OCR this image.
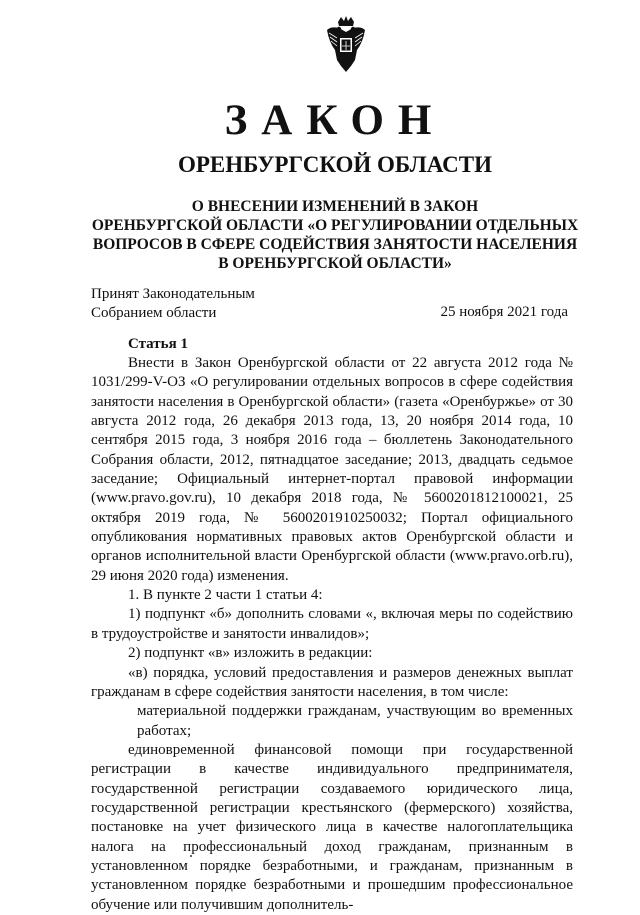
ЗАКОН
ОРЕНБУРГСКОЙ ОБЛАСТИ
О ВНЕСЕНИИ ИЗМЕНЕНИЙ В ЗАКОН
ОРЕНБУРГСКОЙ ОБЛАСТИ «О РЕГУЛИРОВАНИИ ОТДЕЛЬНЫХ
ВОПРОСОВ В СФЕРЕ СОДЕЙСТВИЯ ЗАНЯТОСТИ НАСЕЛЕНИЯ
В ОРЕНБУРГСКОЙ ОБЛАСТИ»
Принят Законодательным
Собранием области	25 ноября 2021 года
Статья 1

Внести в Закон Оренбургской области от 22 августа 2012 года № 1031/299-V-ОЗ «О регулировании отдельных вопросов в сфере содействия занятости населения в Оренбургской области» (газета «Оренбуржье» от 30 августа 2012 года, 26 декабря 2013 года, 13, 20 ноября 2014 года, 10 сентября 2015 года, 3 ноября 2016 года – бюллетень Законодательного Собрания области, 2012, пятнадцатое заседание; 2013, двадцать седьмое заседание; Официальный интернет-портал правовой информации (www.pravo.gov.ru), 10 декабря 2018 года, № 5600201812100021, 25 октября 2019 года, № 5600201910250032; Портал официального опубликования нормативных правовых актов Оренбургской области и органов исполнительной власти Оренбургской области (www.pravo.orb.ru), 29 июня 2020 года) изменения.

1. В пункте 2 части 1 статьи 4:

1) подпункт «б» дополнить словами «, включая меры по содействию в трудоустройстве и занятости инвалидов»;

2) подпункт «в» изложить в редакции:

«в) порядка, условий предоставления и размеров денежных выплат гражданам в сфере содействия занятости населения, в том числе:

материальной поддержки гражданам, участвующим во временных работах;

единовременной финансовой помощи при государственной регистрации в качестве индивидуального предпринимателя, государственной регистрации создаваемого юридического лица, государственной регистрации крестьянского (фермерского) хозяйства, постановке на учет физического лица в качестве налогоплательщика налога на профессиональный доход гражданам, признанным в установленном порядке безработными, и гражданам, признанным в установленном порядке безработными и прошедшим профессиональное обучение или получившим дополнитель-
